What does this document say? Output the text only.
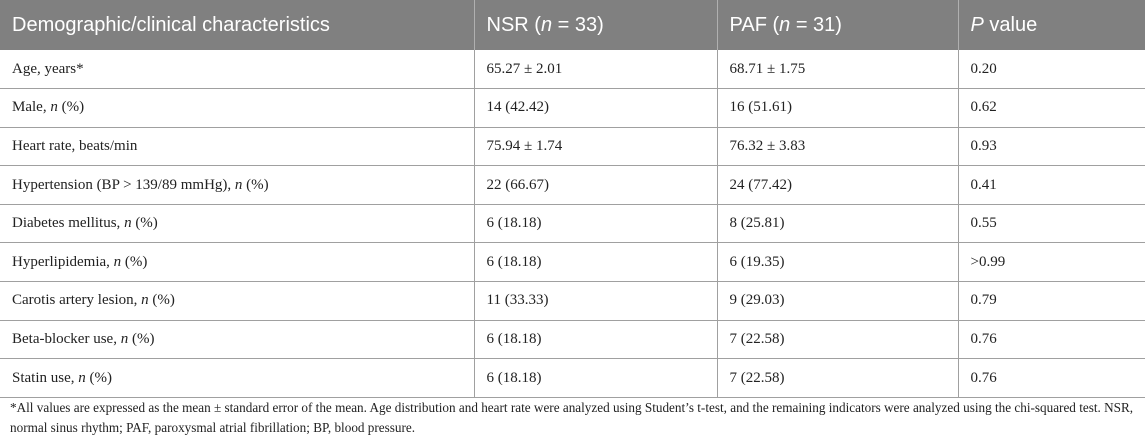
Demographic/clinical characteristics	NSR (n = 33)	PAF (n = 31)	P value
Age, years*	65.27 ± 2.01	68.71 ± 1.75	0.20
Male, n (%)	14 (42.42)	16 (51.61)	0.62
Heart rate, beats/min	75.94 ± 1.74	76.32 ± 3.83	0.93
Hypertension (BP > 139/89 mmHg), n (%)	22 (66.67)	24 (77.42)	0.41
Diabetes mellitus, n (%)	6 (18.18)	8 (25.81)	0.55
Hyperlipidemia, n (%)	6 (18.18)	6 (19.35)	>0.99
Carotis artery lesion, n (%)	11 (33.33)	9 (29.03)	0.79
Beta-blocker use, n (%)	6 (18.18)	7 (22.58)	0.76
Statin use, n (%)	6 (18.18)	7 (22.58)	0.76

*All values are expressed as the mean ± standard error of the mean. Age distribution and heart rate were analyzed using Student’s t-test, and the remaining indicators were analyzed using the chi-squared test. NSR, normal sinus rhythm; PAF, paroxysmal atrial fibrillation; BP, blood pressure.
